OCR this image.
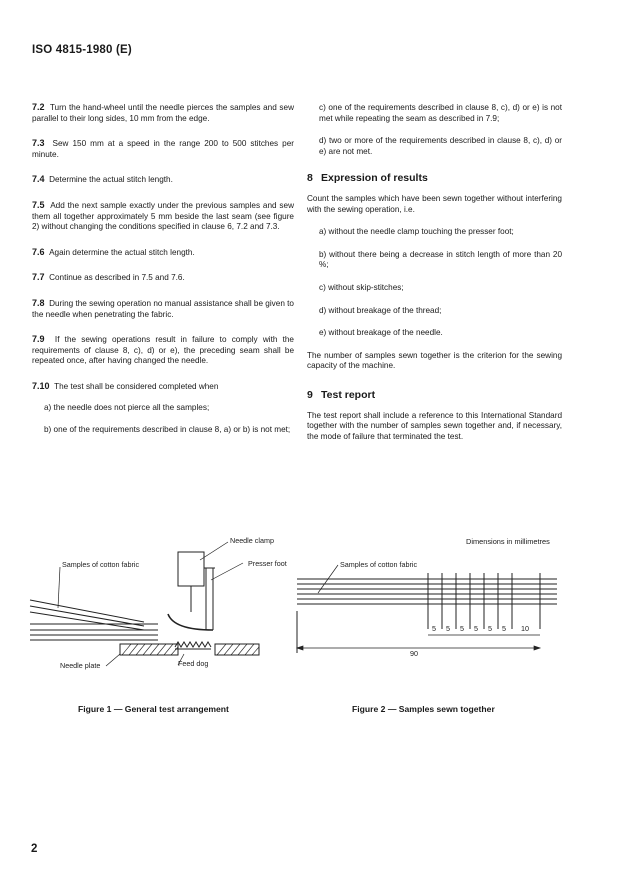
ISO 4815-1980 (E)
7.2 Turn the hand-wheel until the needle pierces the samples and sew parallel to their long sides, 10 mm from the edge.
7.3 Sew 150 mm at a speed in the range 200 to 500 stitches per minute.
7.4 Determine the actual stitch length.
7.5 Add the next sample exactly under the previous samples and sew them all together approximately 5 mm beside the last seam (see figure 2) without changing the conditions specified in clause 6, 7.2 and 7.3.
7.6 Again determine the actual stitch length.
7.7 Continue as described in 7.5 and 7.6.
7.8 During the sewing operation no manual assistance shall be given to the needle when penetrating the fabric.
7.9 If the sewing operations result in failure to comply with the requirements of clause 8, c), d) or e), the preceding seam shall be repeated once, after having changed the needle.
7.10 The test shall be considered completed when
a) the needle does not pierce all the samples;
b) one of the requirements described in clause 8, a) or b) is not met;
c) one of the requirements described in clause 8, c), d) or e) is not met while repeating the seam as described in 7.9;
d) two or more of the requirements described in clause 8, c), d) or e) are not met.
8 Expression of results
Count the samples which have been sewn together without interfering with the sewing operation, i.e.
a) without the needle clamp touching the presser foot;
b) without there being a decrease in stitch length of more than 20 %;
c) without skip-stitches;
d) without breakage of the thread;
e) without breakage of the needle.
The number of samples sewn together is the criterion for the sewing capacity of the machine.
9 Test report
The test report shall include a reference to this International Standard together with the number of samples sewn together and, if necessary, the mode of failure that terminated the test.
Needle clamp
Samples of cotton fabric	Presser foot
Needle plate	Feed dog
Dimensions in millimetres
5 5 5 5 5 5 10
90
Samples of cotton fabric
Figure 1 — General test arrangement	Figure 2 — Samples sewn together
2
